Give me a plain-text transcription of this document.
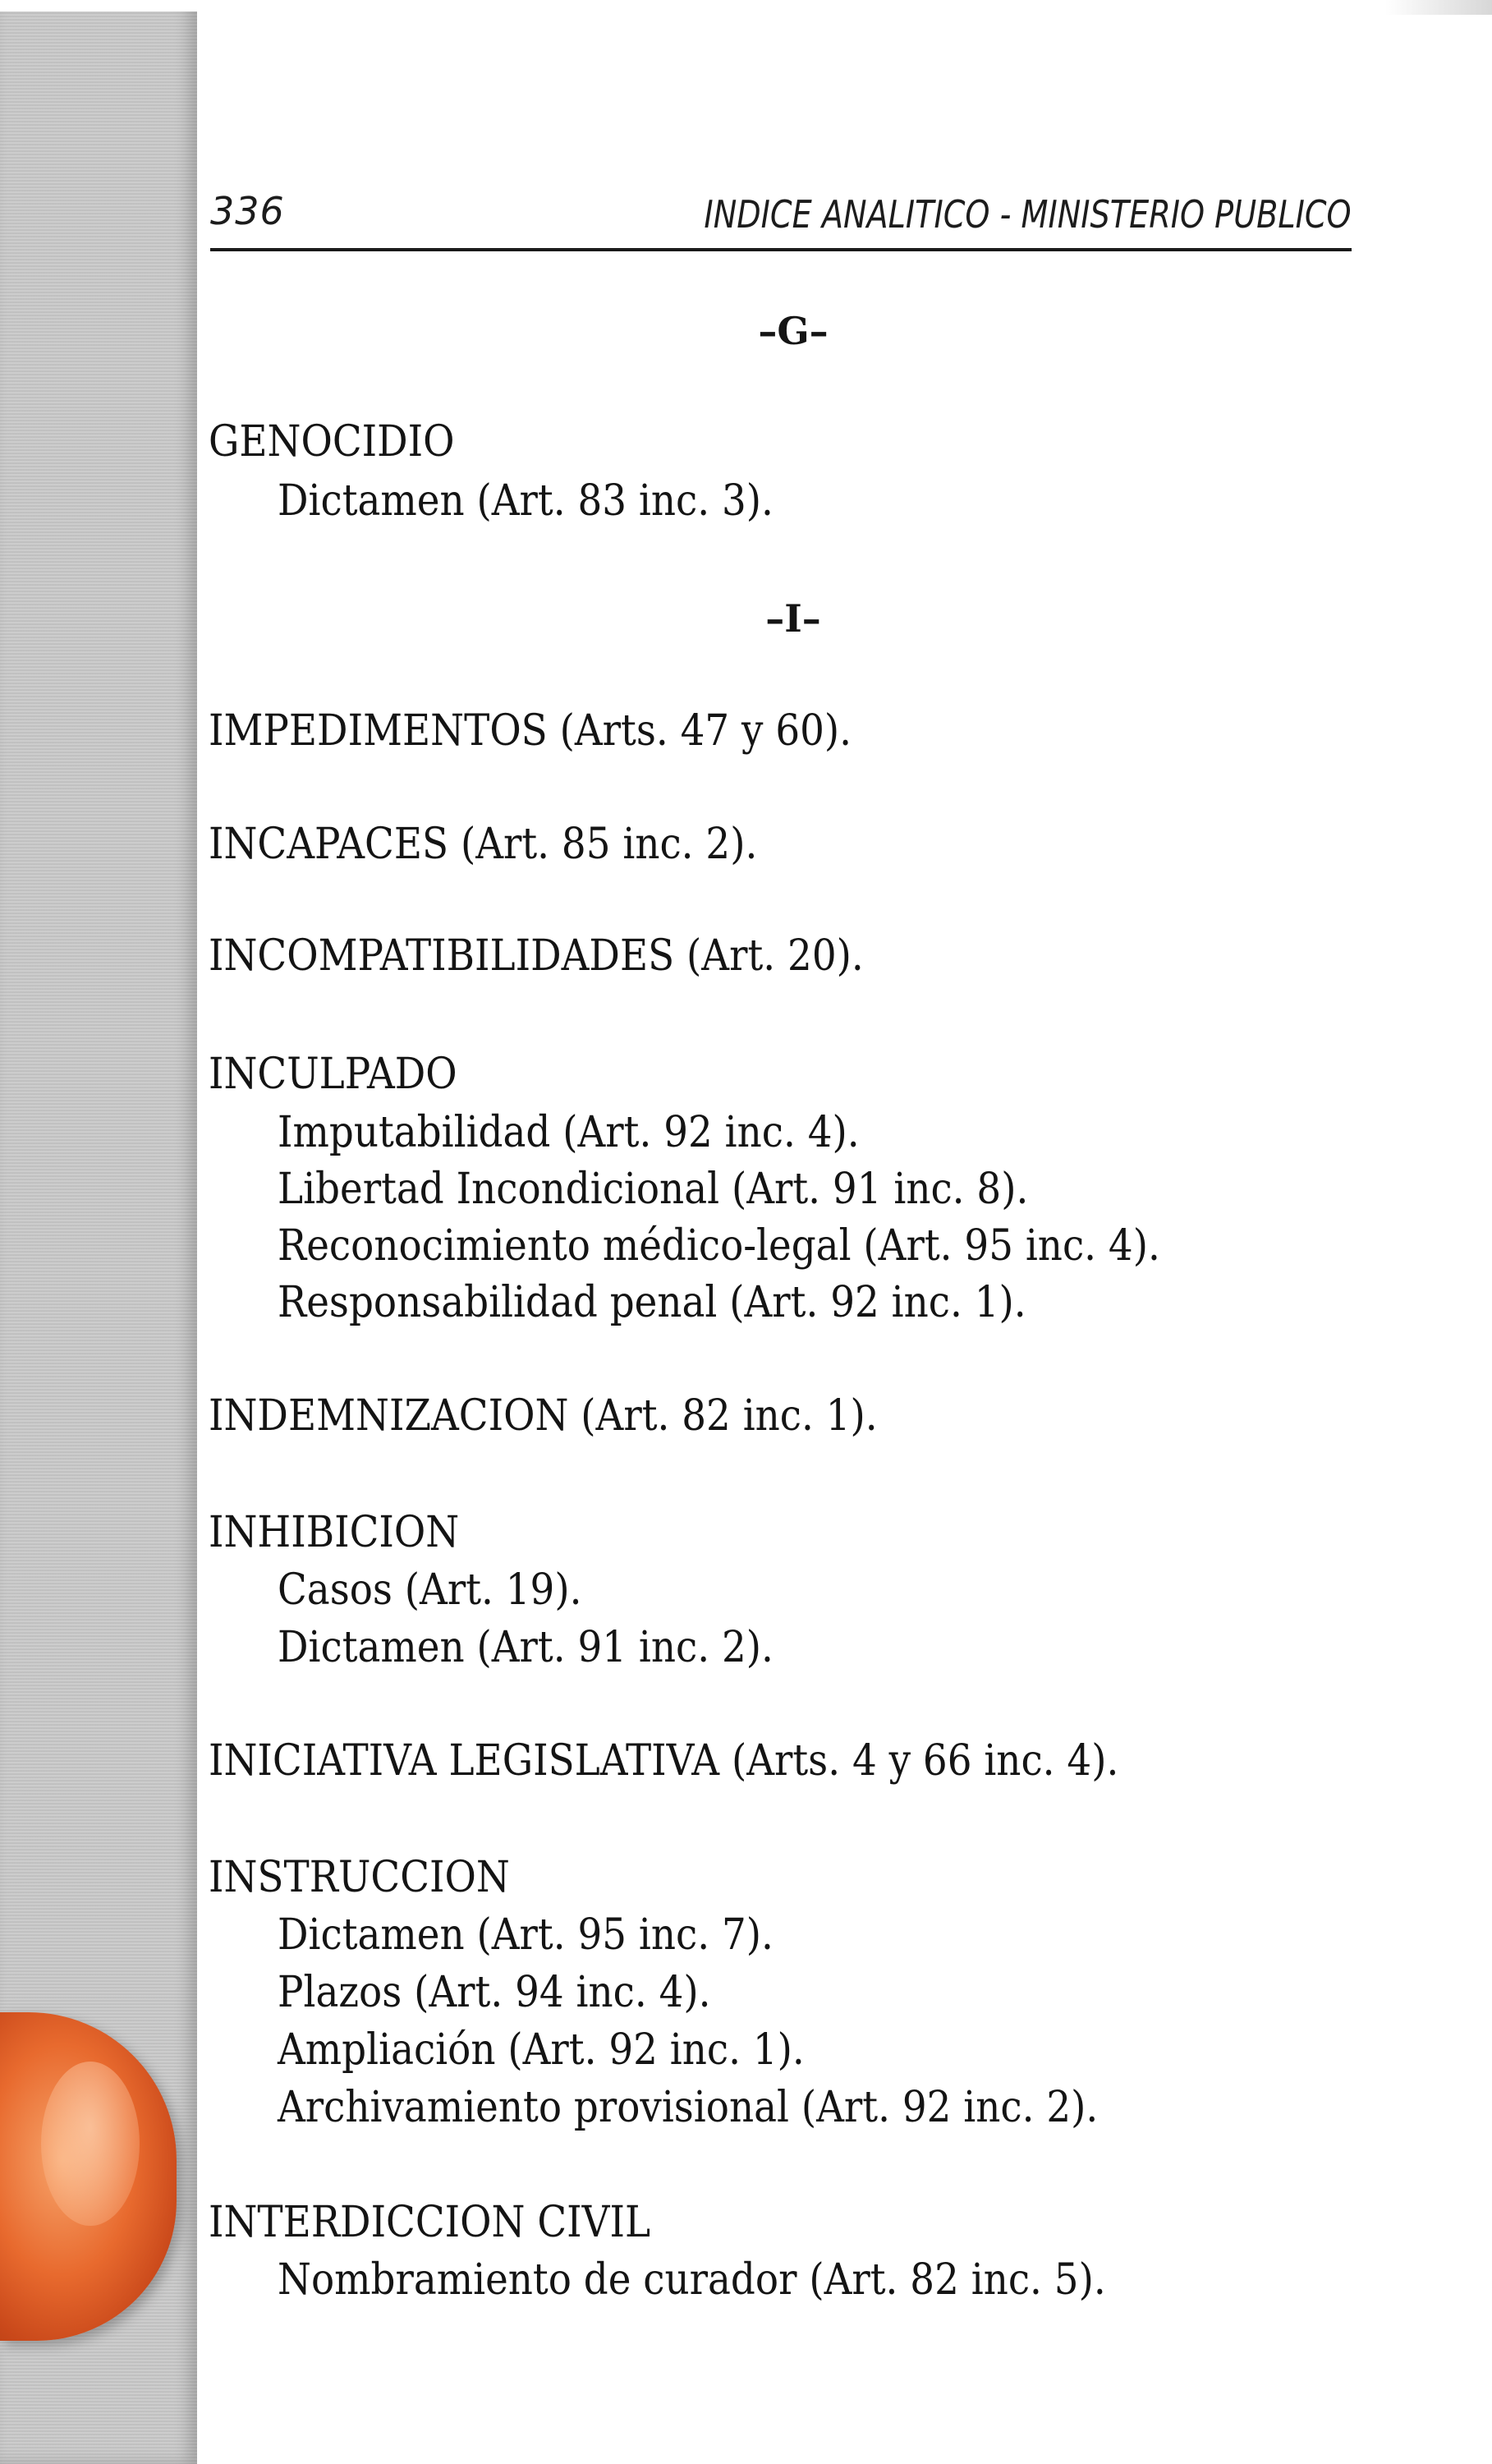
336	INDICE ANALITICO - MINISTERIO PUBLICO
–G–
GENOCIDIO
Dictamen (Art. 83 inc. 3).
–I–
IMPEDIMENTOS (Arts. 47 y 60).
INCAPACES (Art. 85 inc. 2).
INCOMPATIBILIDADES (Art. 20).
INCULPADO
Imputabilidad (Art. 92 inc. 4).
Libertad Incondicional (Art. 91 inc. 8).
Reconocimiento médico-legal (Art. 95 inc. 4).
Responsabilidad penal (Art. 92 inc. 1).
INDEMNIZACION (Art. 82 inc. 1).
INHIBICION
Casos (Art. 19).
Dictamen (Art. 91 inc. 2).
INICIATIVA LEGISLATIVA (Arts. 4 y 66 inc. 4).
INSTRUCCION
Dictamen (Art. 95 inc. 7).
Plazos (Art. 94 inc. 4).
Ampliación (Art. 92 inc. 1).
Archivamiento provisional (Art. 92 inc. 2).
INTERDICCION CIVIL
Nombramiento de curador (Art. 82 inc. 5).
